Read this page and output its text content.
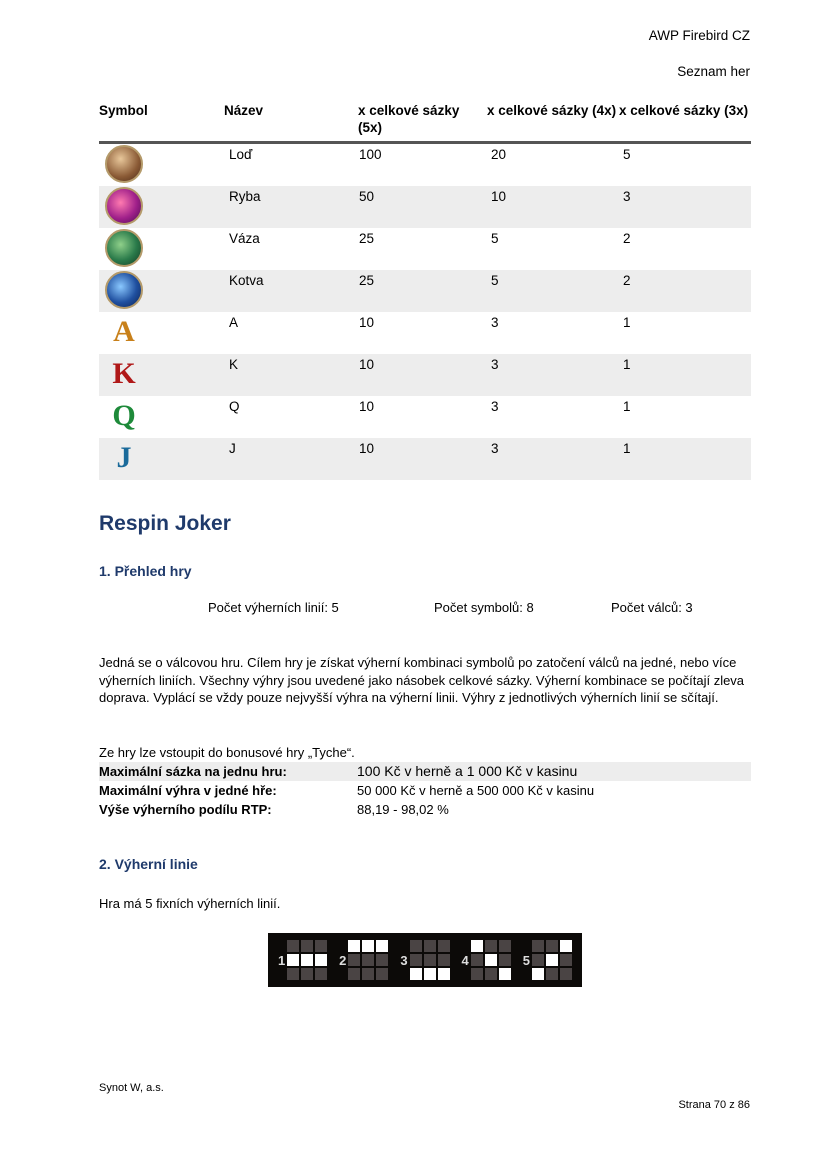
AWP Firebird CZ
Seznam her
Symbol	Název	x celkové sázky (5x)	x celkové sázky (4x)	x celkové sázky (3x)

	Loď	100	20	5

	Ryba	50	10	3

	Váza	25	5	2

	Kotva	25	5	2

A	A	10	3	1

K	K	10	3	1

Q	Q	10	3	1

J	J	10	3	1
Respin Joker
1. Přehled hry
Počet výherních linií: 5	Počet symbolů: 8	Počet válců: 3

Jedná se o válcovou hru. Cílem hry je získat výherní kombinaci symbolů po zatočení válců na jedné, nebo více výherních liniích. Všechny výhry jsou uvedené jako násobek celkové sázky. Výherní kombinace se počítají zleva doprava. Vyplácí se vždy pouze nejvyšší výhra na výherní linii. Výhry z jednotlivých výherních linií se sčítají.

Ze hry lze vstoupit do bonusové hry „Tyche“.

Maximální sázka na jednu hru:	100 Kč v herně a 1 000 Kč v kasinu
Maximální výhra v jedné hře:	50 000 Kč v herně a 500 000 Kč v kasinu
Výše výherního podílu RTP:	88,19 - 98,02 %
2. Výherní linie

Hra má 5 fixních výherních linií.

1	2	3	4	5
Synot W, a.s.
Strana 70 z 86
